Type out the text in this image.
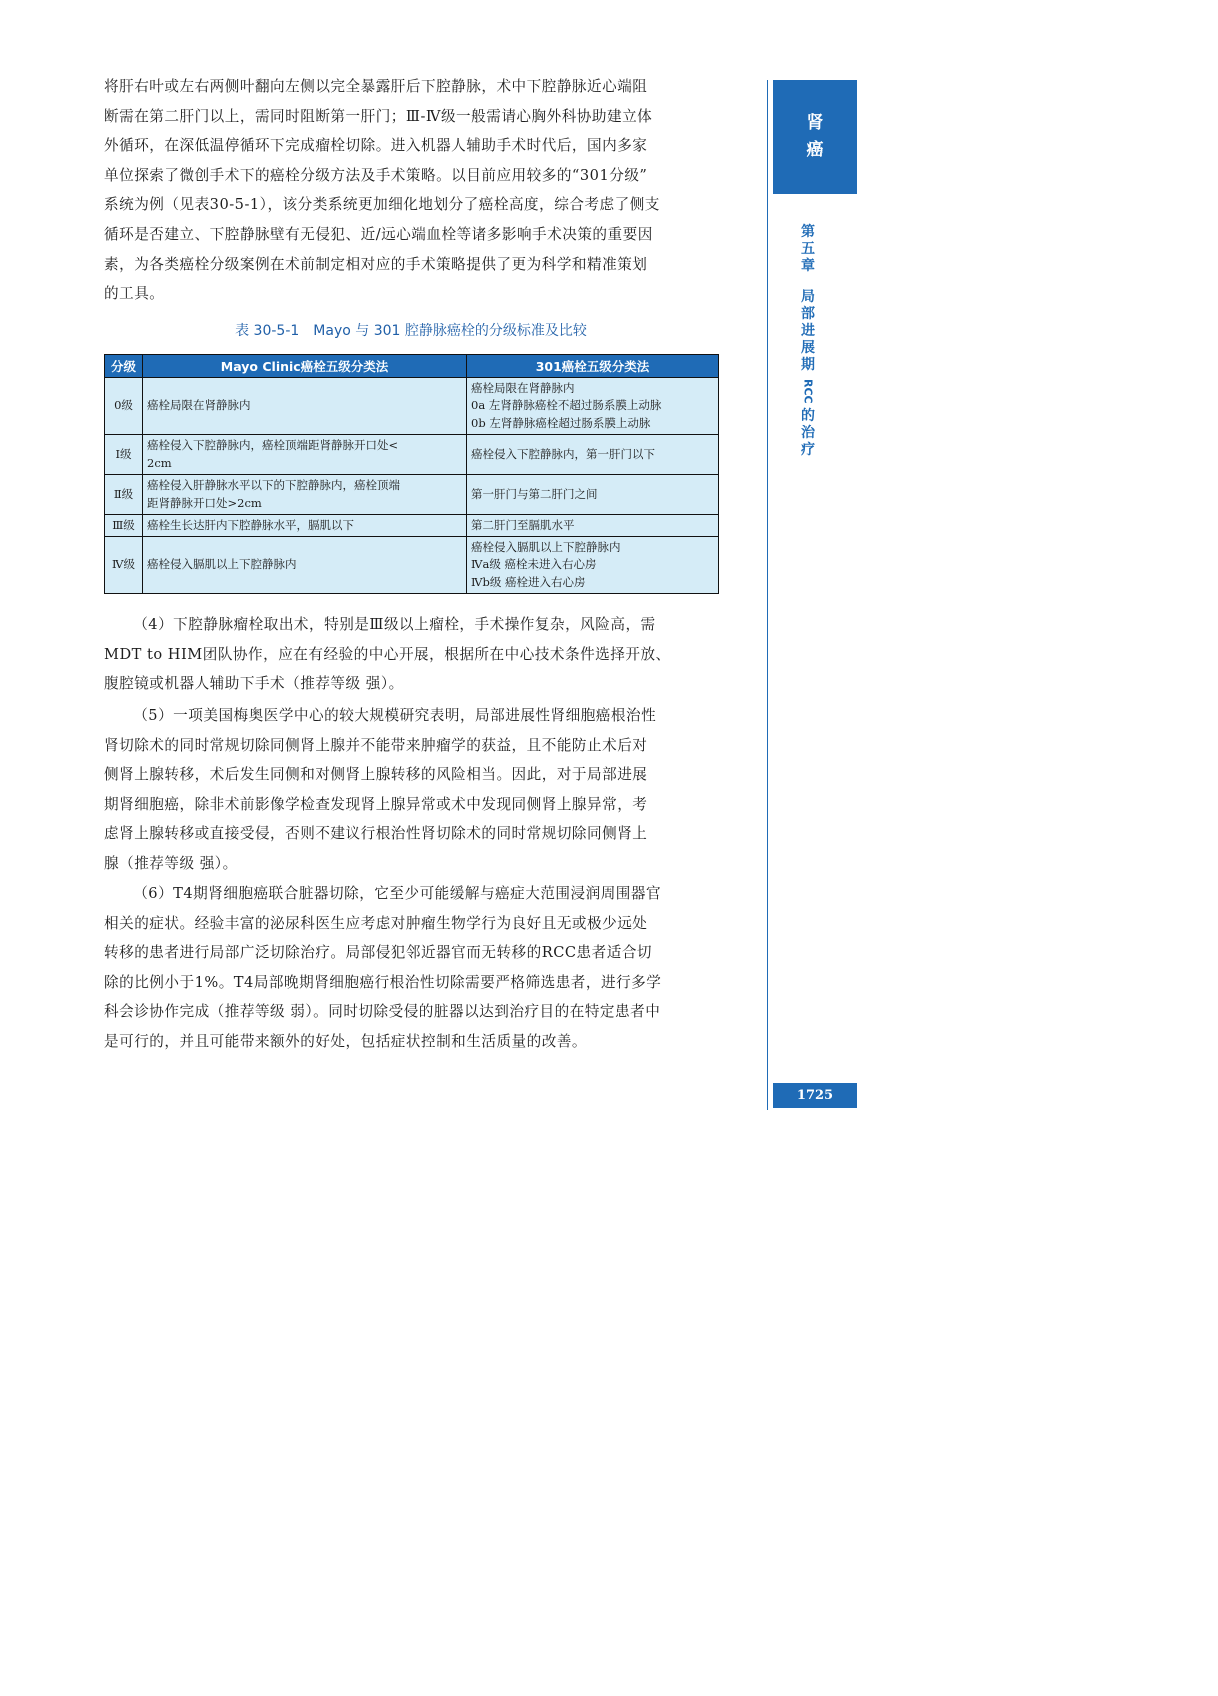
将肝右叶或左右两侧叶翻向左侧以完全暴露肝后下腔静脉，术中下腔静脉近心端阻

断需在第二肝门以上，需同时阻断第一肝门；Ⅲ-Ⅳ级一般需请心胸外科协助建立体

外循环，在深低温停循环下完成瘤栓切除。进入机器人辅助手术时代后，国内多家

单位探索了微创手术下的癌栓分级方法及手术策略。以目前应用较多的“301分级”

系统为例（见表30-5-1），该分类系统更加细化地划分了癌栓高度，综合考虑了侧支

循环是否建立、下腔静脉壁有无侵犯、近/远心端血栓等诸多影响手术决策的重要因

素，为各类癌栓分级案例在术前制定相对应的手术策略提供了更为科学和精准策划

的工具。

表 30-5-1　Mayo 与 301 腔静脉癌栓的分级标准及比较
分级	Mayo Clinic癌栓五级分类法	301癌栓五级分类法
0级	癌栓局限在肾静脉内	癌栓局限在肾静脉内
0a 左肾静脉癌栓不超过肠系膜上动脉
0b 左肾静脉癌栓超过肠系膜上动脉

Ⅰ级	癌栓侵入下腔静脉内，癌栓顶端距肾静脉开口处<
2cm	癌栓侵入下腔静脉内，第一肝门以下

Ⅱ级	癌栓侵入肝静脉水平以下的下腔静脉内，癌栓顶端
距肾静脉开口处>2cm	第一肝门与第二肝门之间

Ⅲ级	癌栓生长达肝内下腔静脉水平，膈肌以下	第二肝门至膈肌水平

Ⅳ级	癌栓侵入膈肌以上下腔静脉内	癌栓侵入膈肌以上下腔静脉内
Ⅳa级 癌栓未进入右心房
Ⅳb级 癌栓进入右心房

（4）下腔静脉瘤栓取出术，特别是Ⅲ级以上瘤栓，手术操作复杂，风险高，需

MDT to HIM团队协作，应在有经验的中心开展，根据所在中心技术条件选择开放、

腹腔镜或机器人辅助下手术（推荐等级 强）。

（5）一项美国梅奥医学中心的较大规模研究表明，局部进展性肾细胞癌根治性

肾切除术的同时常规切除同侧肾上腺并不能带来肿瘤学的获益，且不能防止术后对

侧肾上腺转移，术后发生同侧和对侧肾上腺转移的风险相当。因此，对于局部进展

期肾细胞癌，除非术前影像学检查发现肾上腺异常或术中发现同侧肾上腺异常，考

虑肾上腺转移或直接受侵，否则不建议行根治性肾切除术的同时常规切除同侧肾上

腺（推荐等级 强）。

（6）T4期肾细胞癌联合脏器切除，它至少可能缓解与癌症大范围浸润周围器官

相关的症状。经验丰富的泌尿科医生应考虑对肿瘤生物学行为良好且无或极少远处

转移的患者进行局部广泛切除治疗。局部侵犯邻近器官而无转移的RCC患者适合切

除的比例小于1%。T4局部晚期肾细胞癌行根治性切除需要严格筛选患者，进行多学

科会诊协作完成（推荐等级 弱）。同时切除受侵的脏器以达到治疗目的在特定患者中

是可行的，并且可能带来额外的好处，包括症状控制和生活质量的改善。

肾
癌
第
五
章
局
部
进
展
期
RCC
的
治
疗
1725
